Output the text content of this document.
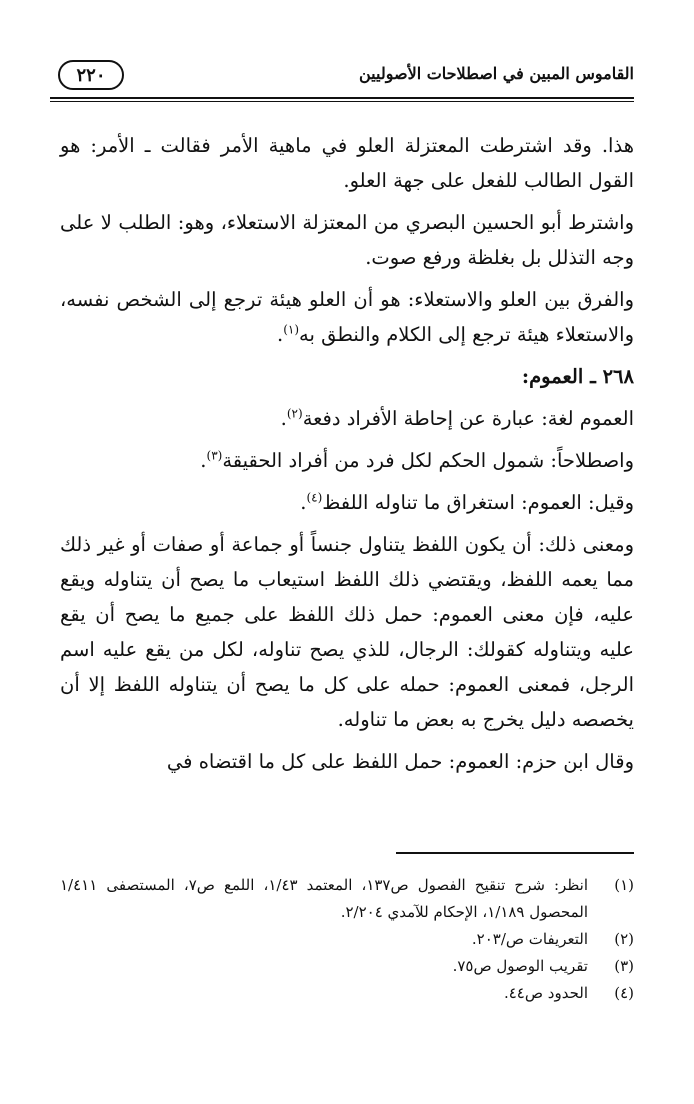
٢٢٠	القاموس المبين في اصطلاحات الأصوليين

هذا. وقد اشترطت المعتزلة العلو في ماهية الأمر فقالت ـ الأمر: هو القول الطالب للفعل على جهة العلو.

واشترط أبو الحسين البصري من المعتزلة الاستعلاء، وهو: الطلب لا على وجه التذلل بل بغلظة ورفع صوت.

والفرق بين العلو والاستعلاء: هو أن العلو هيئة ترجع إلى الشخص نفسه، والاستعلاء هيئة ترجع إلى الكلام والنطق به$^{(١)}$.

٢٦٨ ـ العموم:

العموم لغة: عبارة عن إحاطة الأفراد دفعة$^{(٢)}$.

واصطلاحاً: شمول الحكم لكل فرد من أفراد الحقيقة$^{(٣)}$.

وقيل: العموم: استغراق ما تناوله اللفظ$^{(٤)}$.

ومعنى ذلك: أن يكون اللفظ يتناول جنساً أو جماعة أو صفات أو غير ذلك مما يعمه اللفظ، ويقتضي ذلك اللفظ استيعاب ما يصح أن يتناوله ويقع عليه، فإن معنى العموم: حمل ذلك اللفظ على جميع ما يصح أن يقع عليه ويتناوله كقولك: الرجال، للذي يصح تناوله، لكل من يقع عليه اسم الرجل، فمعنى العموم: حمله على كل ما يصح أن يتناوله اللفظ إلا أن يخصصه دليل يخرج به بعض ما تناوله.

وقال ابن حزم: العموم: حمل اللفظ على كل ما اقتضاه في

(١)
انظر: شرح تنقيح الفصول ص١٣٧، المعتمد ١/٤٣، اللمع ص٧، المستصفى ١/٤١١ المحصول ١/١٨٩، الإحكام للآمدي ٢/٢٠٤.
(٢)
التعريفات ص/٢٠٣.
(٣)
تقريب الوصول ص٧٥.
(٤)
الحدود ص٤٤.
